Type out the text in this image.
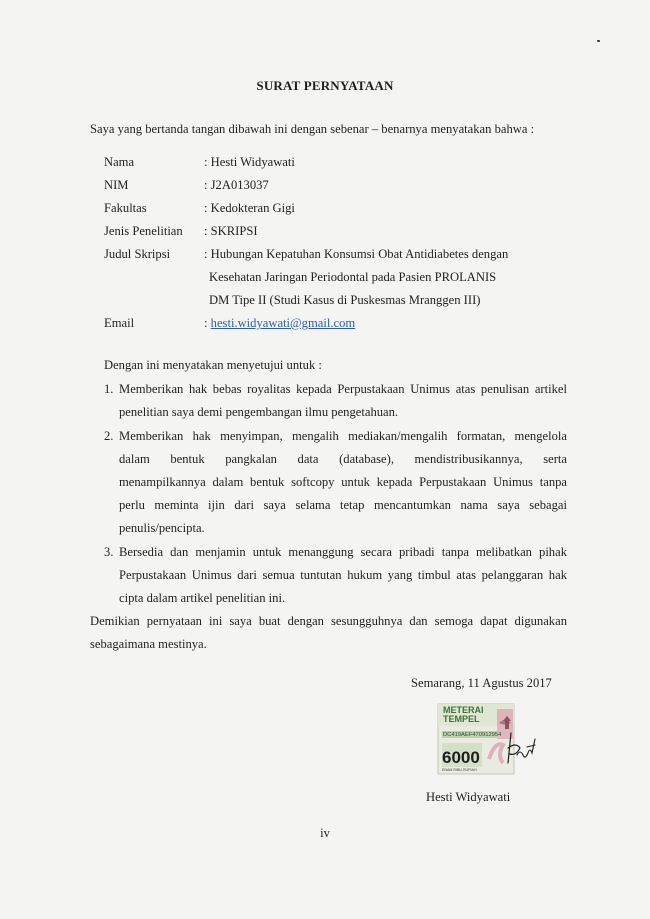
SURAT PERNYATAAN
Saya yang bertanda tangan dibawah ini dengan sebenar – benarnya menyatakan bahwa :
Nama	: Hesti Widyawati
NIM	: J2A013037
Fakultas	: Kedokteran Gigi
Jenis Penelitian	: SKRIPSI
Judul Skripsi	: Hubungan Kepatuhan Konsumsi Obat Antidiabetes dengan
Kesehatan Jaringan Periodontal pada Pasien PROLANIS
DM Tipe II (Studi Kasus di Puskesmas Mranggen III)
Email	: hesti.widyawati@gmail.com
Dengan ini menyatakan menyetujui untuk :
1. Memberikan hak bebas royalitas kepada Perpustakaan Unimus atas penulisan artikel
penelitian saya demi pengembangan ilmu pengetahuan.
2. Memberikan hak menyimpan, mengalih mediakan/mengalih formatan, mengelola
dalam bentuk pangkalan data (database), mendistribusikannya, serta
menampilkannya dalam bentuk softcopy untuk kepada Perpustakaan Unimus tanpa
perlu meminta ijin dari saya selama tetap mencantumkan nama saya sebagai
penulis/pencipta.
3. Bersedia dan menjamin untuk menanggung secara pribadi tanpa melibatkan pihak
Perpustakaan Unimus dari semua tuntutan hukum yang timbul atas pelanggaran hak
cipta dalam artikel penelitian ini.
Demikian pernyataan ini saya buat dengan sesungguhnya dan semoga dapat digunakan
sebagaimana mestinya.
Semarang, 11 Agustus 2017
METERAI
TEMPEL
DC419AEF470912954
6000
ENAM RIBU RUPIAH
Hesti Widyawati
iv
